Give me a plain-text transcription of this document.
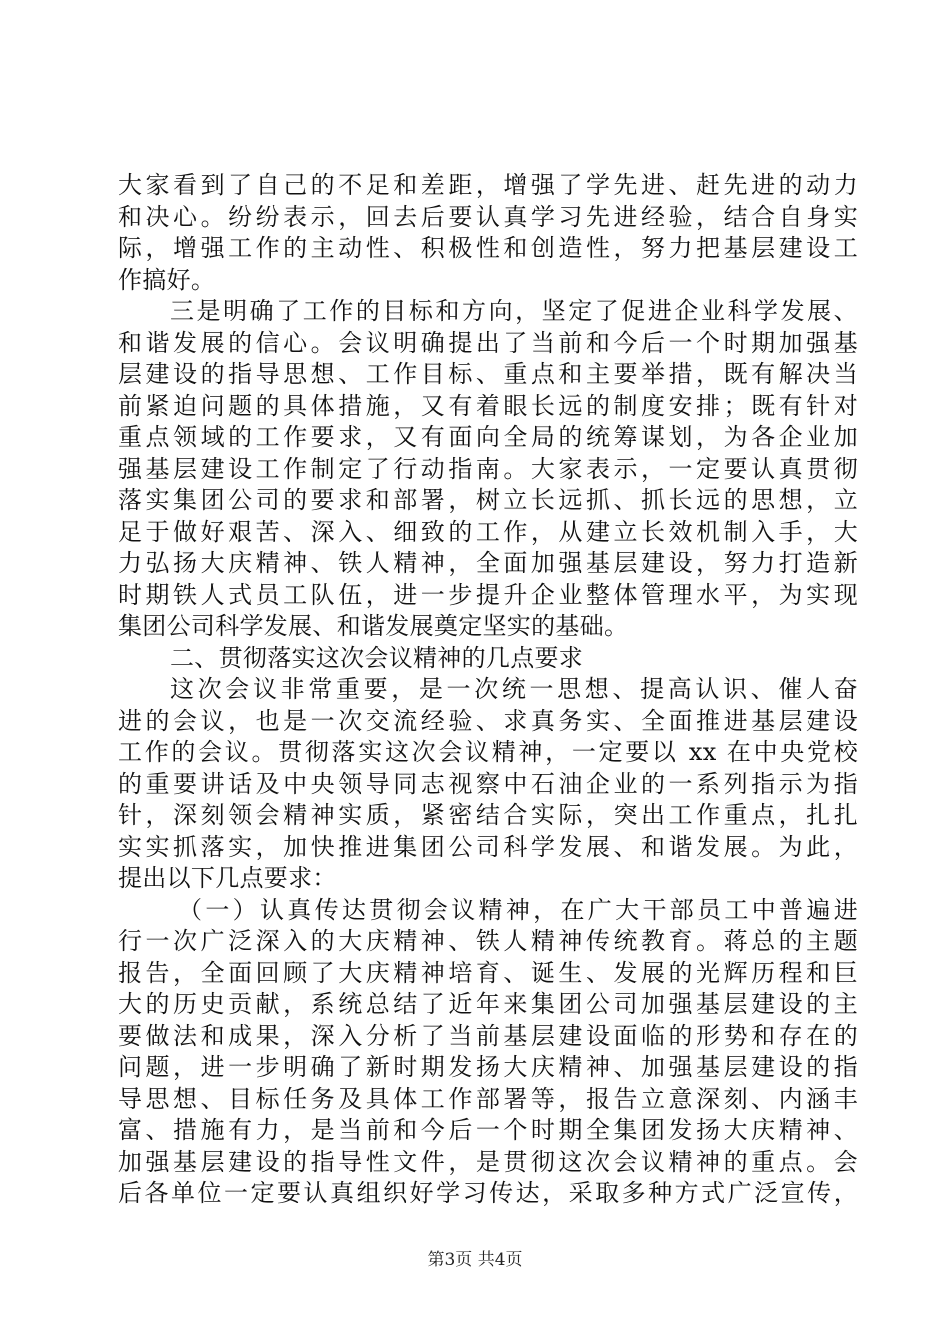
大家看到了自己的不足和差距，增强了学先进、赶先进的动力
和决心。纷纷表示，回去后要认真学习先进经验，结合自身实
际，增强工作的主动性、积极性和创造性，努力把基层建设工
作搞好。
三是明确了工作的目标和方向，坚定了促进企业科学发展、
和谐发展的信心。会议明确提出了当前和今后一个时期加强基
层建设的指导思想、工作目标、重点和主要举措，既有解决当
前紧迫问题的具体措施，又有着眼长远的制度安排；既有针对
重点领域的工作要求，又有面向全局的统筹谋划，为各企业加
强基层建设工作制定了行动指南。大家表示，一定要认真贯彻
落实集团公司的要求和部署，树立长远抓、抓长远的思想，立
足于做好艰苦、深入、细致的工作，从建立长效机制入手，大
力弘扬大庆精神、铁人精神，全面加强基层建设，努力打造新
时期铁人式员工队伍，进一步提升企业整体管理水平，为实现
集团公司科学发展、和谐发展奠定坚实的基础。
二、贯彻落实这次会议精神的几点要求
这次会议非常重要，是一次统一思想、提高认识、催人奋
进的会议，也是一次交流经验、求真务实、全面推进基层建设
工作的会议。贯彻落实这次会议精神，一定要以 xx 在中央党校
的重要讲话及中央领导同志视察中石油企业的一系列指示为指
针，深刻领会精神实质，紧密结合实际，突出工作重点，扎扎
实实抓落实，加快推进集团公司科学发展、和谐发展。为此，
提出以下几点要求：
（一）认真传达贯彻会议精神，在广大干部员工中普遍进
行一次广泛深入的大庆精神、铁人精神传统教育。蒋总的主题
报告，全面回顾了大庆精神培育、诞生、发展的光辉历程和巨
大的历史贡献，系统总结了近年来集团公司加强基层建设的主
要做法和成果，深入分析了当前基层建设面临的形势和存在的
问题，进一步明确了新时期发扬大庆精神、加强基层建设的指
导思想、目标任务及具体工作部署等，报告立意深刻、内涵丰
富、措施有力，是当前和今后一个时期全集团发扬大庆精神、
加强基层建设的指导性文件，是贯彻这次会议精神的重点。会
后各单位一定要认真组织好学习传达，采取多种方式广泛宣传，
第3页 共4页
